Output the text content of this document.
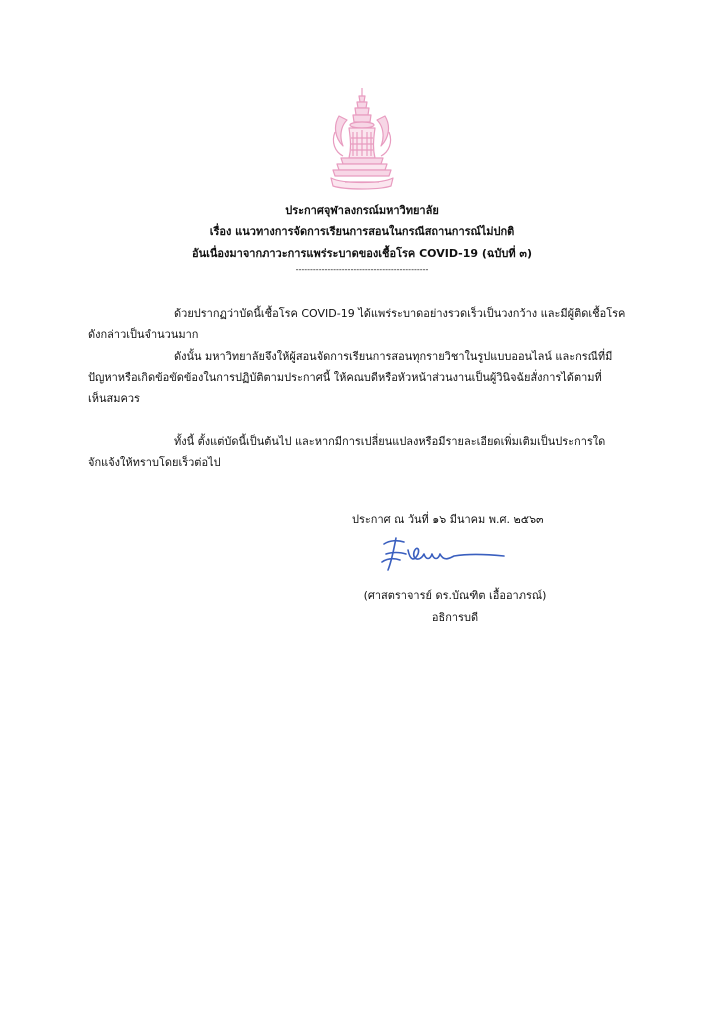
ประกาศจุฬาลงกรณ์มหาวิทยาลัย
เรื่อง แนวทางการจัดการเรียนการสอนในกรณีสถานการณ์ไม่ปกติ
อันเนื่องมาจากภาวะการแพร่ระบาดของเชื้อโรค COVID-19 (ฉบับที่ ๓)
----------------------------------------------

ด้วยปรากฏว่าบัดนี้เชื้อโรค COVID-19 ได้แพร่ระบาดอย่างรวดเร็วเป็นวงกว้าง และมีผู้ติดเชื้อโรค
ดังกล่าวเป็นจำนวนมาก

ดังนั้น มหาวิทยาลัยจึงให้ผู้สอนจัดการเรียนการสอนทุกรายวิชาในรูปแบบออนไลน์ และกรณีที่มี
ปัญหาหรือเกิดข้อขัดข้องในการปฏิบัติตามประกาศนี้ ให้คณบดีหรือหัวหน้าส่วนงานเป็นผู้วินิจฉัยสั่งการได้ตามที่
เห็นสมควร

ทั้งนี้ ตั้งแต่บัดนี้เป็นต้นไป และหากมีการเปลี่ยนแปลงหรือมีรายละเอียดเพิ่มเติมเป็นประการใด
จักแจ้งให้ทราบโดยเร็วต่อไป

ประกาศ ณ วันที่ ๑๖ มีนาคม พ.ศ. ๒๕๖๓
(ศาสตราจารย์ ดร.บัณฑิต เอื้ออาภรณ์)
อธิการบดี
